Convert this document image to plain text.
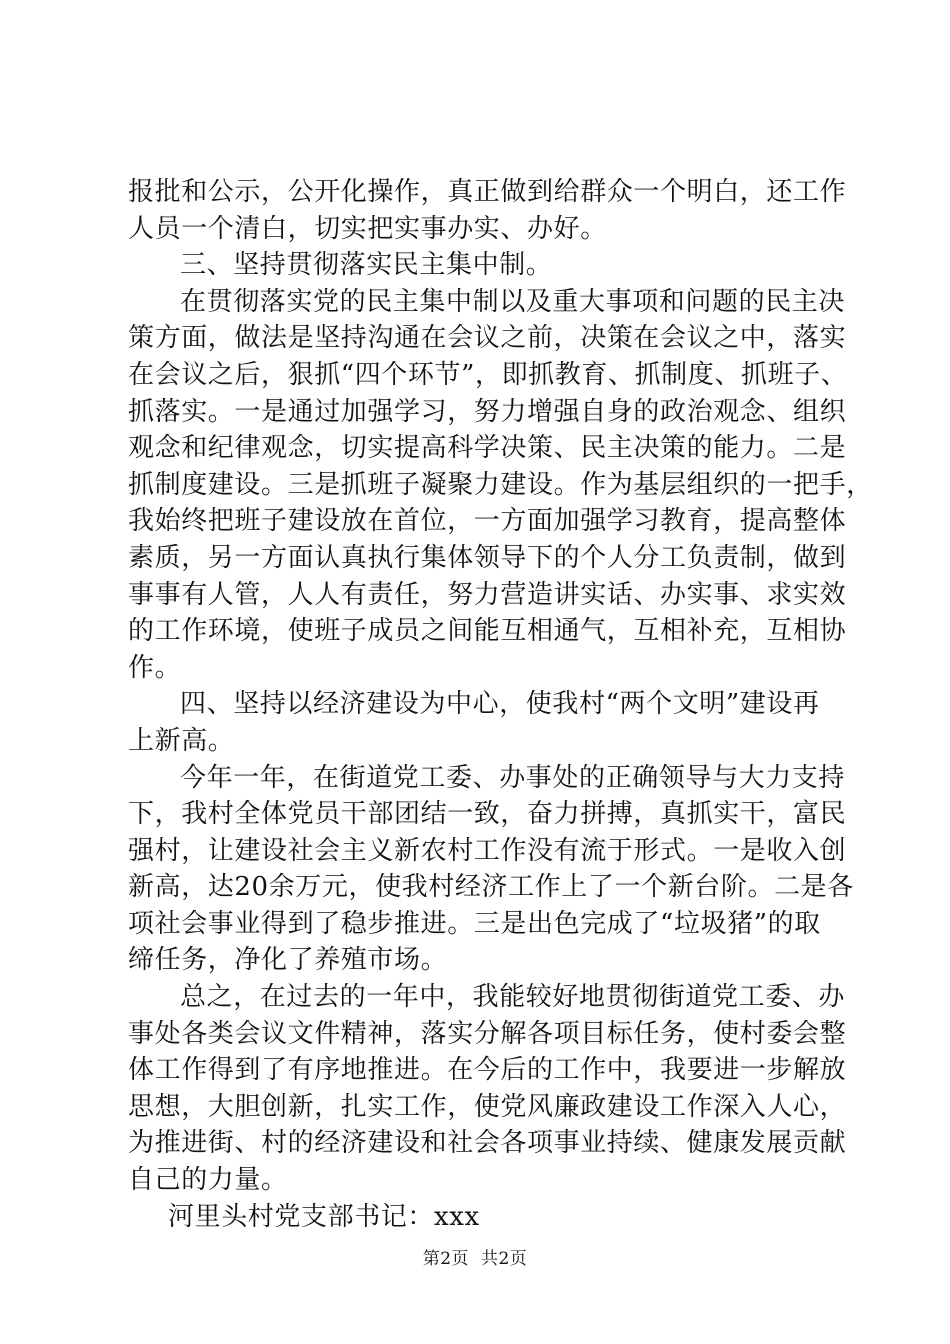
报批和公示，公开化操作，真正做到给群众一个明白，还工作
人员一个清白，切实把实事办实、办好。
三、坚持贯彻落实民主集中制。
在贯彻落实党的民主集中制以及重大事项和问题的民主决
策方面，做法是坚持沟通在会议之前，决策在会议之中，落实
在会议之后，狠抓“四个环节”，即抓教育、抓制度、抓班子、
抓落实。一是通过加强学习，努力增强自身的政治观念、组织
观念和纪律观念，切实提高科学决策、民主决策的能力。二是
抓制度建设。三是抓班子凝聚力建设。作为基层组织的一把手，
我始终把班子建设放在首位，一方面加强学习教育，提高整体
素质，另一方面认真执行集体领导下的个人分工负责制，做到
事事有人管，人人有责任，努力营造讲实话、办实事、求实效
的工作环境，使班子成员之间能互相通气，互相补充，互相协
作。
四、坚持以经济建设为中心，使我村“两个文明”建设再
上新高。
今年一年，在街道党工委、办事处的正确领导与大力支持
下，我村全体党员干部团结一致，奋力拼搏，真抓实干，富民
强村，让建设社会主义新农村工作没有流于形式。一是收入创
新高，达20余万元，使我村经济工作上了一个新台阶。二是各
项社会事业得到了稳步推进。三是出色完成了“垃圾猪”的取
缔任务，净化了养殖市场。
总之，在过去的一年中，我能较好地贯彻街道党工委、办
事处各类会议文件精神，落实分解各项目标任务，使村委会整
体工作得到了有序地推进。在今后的工作中，我要进一步解放
思想，大胆创新，扎实工作，使党风廉政建设工作深入人心，
为推进街、村的经济建设和社会各项事业持续、健康发展贡献
自己的力量。
河里头村党支部书记：xxx
第2页 共2页
